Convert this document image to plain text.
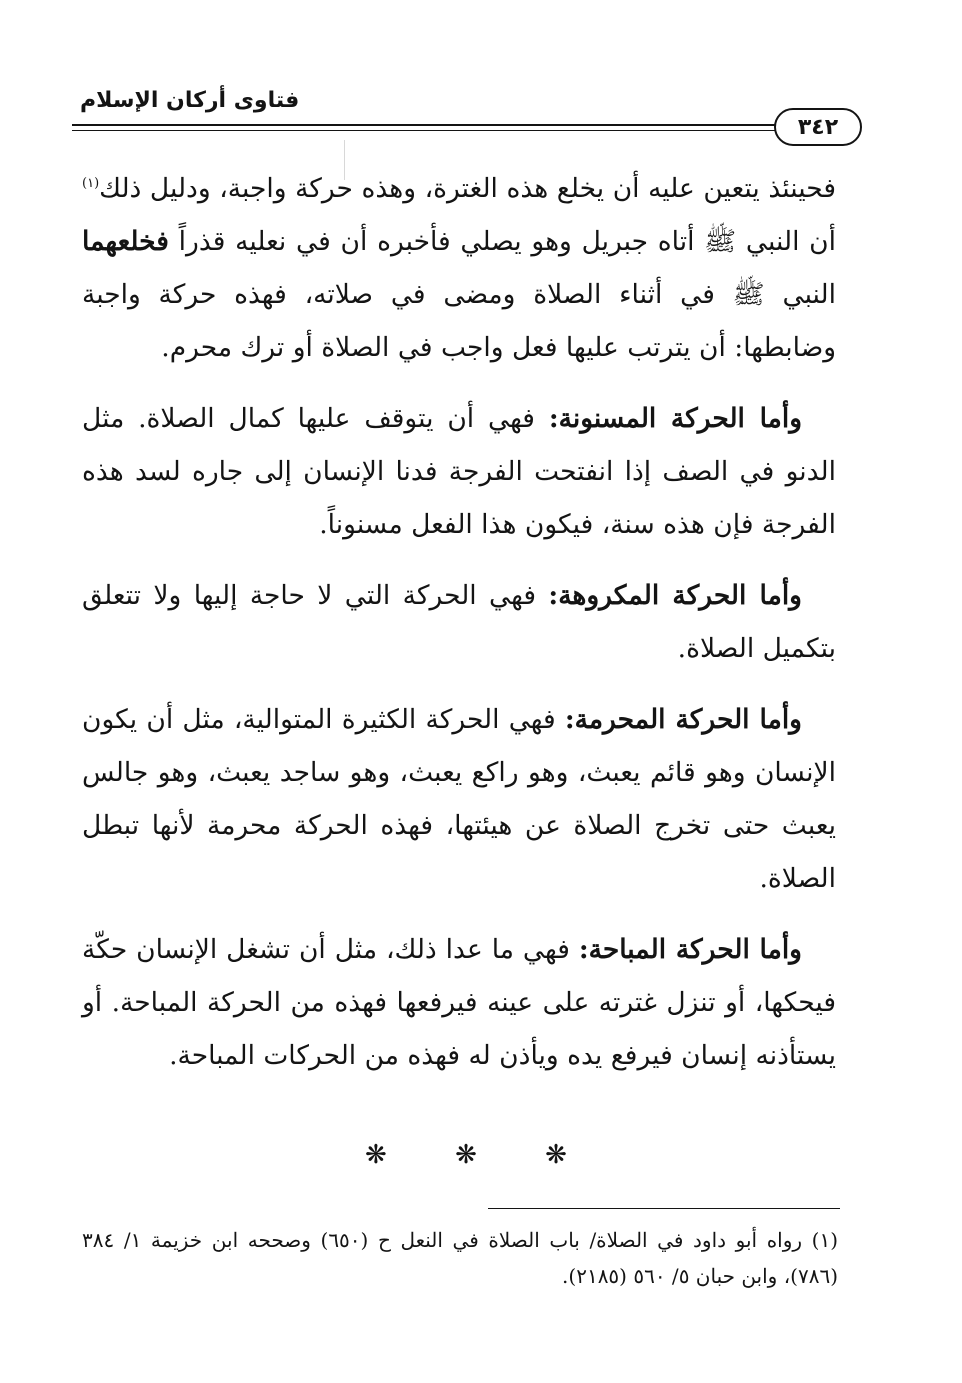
فتاوى أركان الإسلام
٣٤٢

فحينئذ يتعين عليه أن يخلع هذه الغترة، وهذه حركة واجبة، ودليل ذلك$^{(١)}$ أن النبي ﷺ أتاه جبريل وهو يصلي فأخبره أن في نعليه قذراً فخلعهما النبي ﷺ في أثناء الصلاة ومضى في صلاته، فهذه حركة واجبة وضابطها: أن يترتب عليها فعل واجب في الصلاة أو ترك محرم.

وأما الحركة المسنونة: فهي أن يتوقف عليها كمال الصلاة. مثل الدنو في الصف إذا انفتحت الفرجة فدنا الإنسان إلى جاره لسد هذه الفرجة فإن هذه سنة، فيكون هذا الفعل مسنوناً.

وأما الحركة المكروهة: فهي الحركة التي لا حاجة إليها ولا تتعلق بتكميل الصلاة.

وأما الحركة المحرمة: فهي الحركة الكثيرة المتوالية، مثل أن يكون الإنسان وهو قائم يعبث، وهو راكع يعبث، وهو ساجد يعبث، وهو جالس يعبث حتى تخرج الصلاة عن هيئتها، فهذه الحركة محرمة لأنها تبطل الصلاة.

وأما الحركة المباحة: فهي ما عدا ذلك، مثل أن تشغل الإنسان حكّة فيحكها، أو تنزل غترته على عينه فيرفعها فهذه من الحركة المباحة. أو يستأذنه إنسان فيرفع يده ويأذن له فهذه من الحركات المباحة.

❋ ❋ ❋
(١) رواه أبو داود في الصلاة/ باب الصلاة في النعل ح (٦٥٠) وصححه ابن خزيمة ١/ ٣٨٤ (٧٨٦)، وابن حبان ٥/ ٥٦٠ (٢١٨٥).
